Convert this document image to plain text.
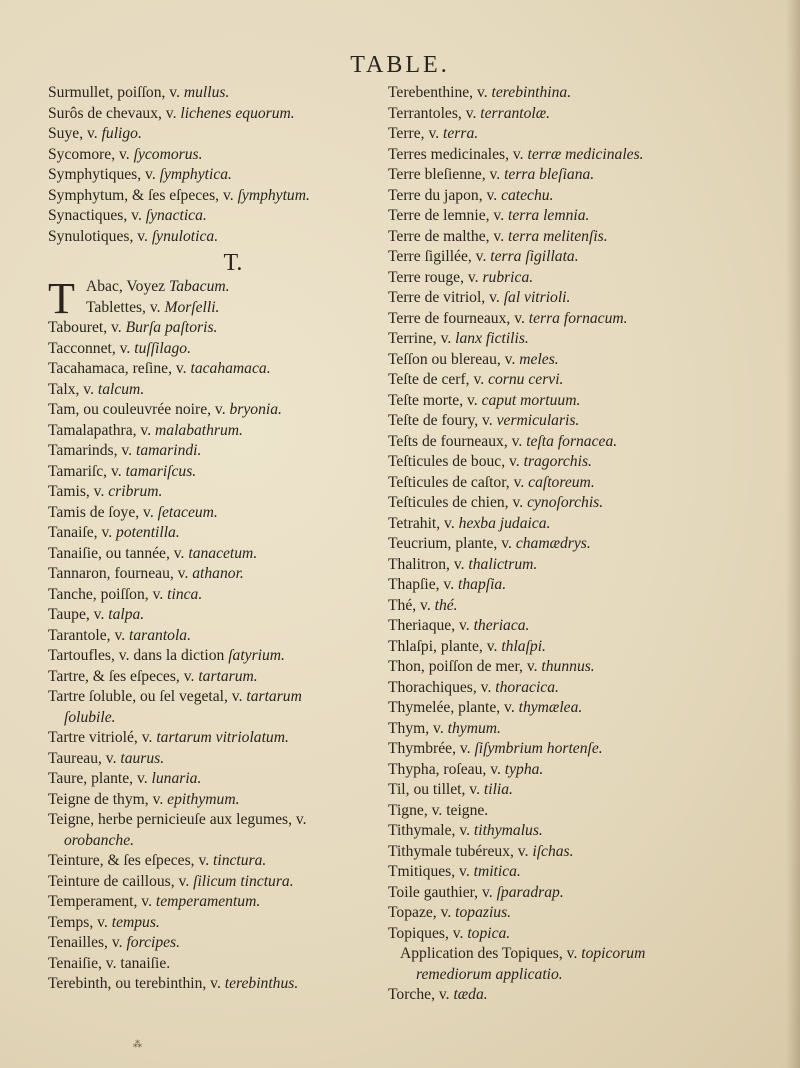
TABLE.
Surmullet, poiſſon, v. mullus.
Surôs de chevaux, v. lichenes equorum.
Suye, v. fuligo.
Sycomore, v. ſycomorus.
Symphytiques, v. ſymphytica.
Symphytum, & ſes eſpeces, v. ſymphytum.
Synactiques, v. ſynactica.
Synulotiques, v. ſynulotica.
T.
T Abac, Voyez Tabacum.
Tablettes, v. Morſelli.
Tabouret, v. Burſa paſtoris.
Tacconnet, v. tuſſilago.
Tacahamaca, reſine, v. tacahamaca.
Talx, v. talcum.
Tam, ou couleuvrée noire, v. bryonia.
Tamalapathra, v. malabathrum.
Tamarinds, v. tamarindi.
Tamariſc, v. tamariſcus.
Tamis, v. cribrum.
Tamis de ſoye, v. ſetaceum.
Tanaiſe, v. potentilla.
Tanaiſie, ou tannée, v. tanacetum.
Tannaron, fourneau, v. athanor.
Tanche, poiſſon, v. tinca.
Taupe, v. talpa.
Tarantole, v. tarantola.
Tartoufles, v. dans la diction ſatyrium.
Tartre, & ſes eſpeces, v. tartarum.
Tartre ſoluble, ou ſel vegetal, v. tartarum
ſolubile.
Tartre vitriolé, v. tartarum vitriolatum.
Taureau, v. taurus.
Taure, plante, v. lunaria.
Teigne de thym, v. epithymum.
Teigne, herbe pernicieuſe aux legumes, v.
orobanche.
Teinture, & ſes eſpeces, v. tinctura.
Teinture de caillous, v. ſilicum tinctura.
Temperament, v. temperamentum.
Temps, v. tempus.
Tenailles, v. forcipes.
Tenaiſie, v. tanaiſie.
Terebinth, ou terebinthin, v. terebinthus.
Terebenthine, v. terebinthina.
Terrantoles, v. terrantolæ.
Terre, v. terra.
Terres medicinales, v. terræ medicinales.
Terre bleſienne, v. terra bleſiana.
Terre du japon, v. catechu.
Terre de lemnie, v. terra lemnia.
Terre de malthe, v. terra melitenſis.
Terre ſigillée, v. terra ſigillata.
Terre rouge, v. rubrica.
Terre de vitriol, v. ſal vitrioli.
Terre de fourneaux, v. terra fornacum.
Terrine, v. lanx fictilis.
Teſſon ou blereau, v. meles.
Teſte de cerf, v. cornu cervi.
Teſte morte, v. caput mortuum.
Teſte de foury, v. vermicularis.
Teſts de fourneaux, v. teſta fornacea.
Teſticules de bouc, v. tragorchis.
Teſticules de caſtor, v. caſtoreum.
Teſticules de chien, v. cynoſorchis.
Tetrahit, v. hexba judaica.
Teucrium, plante, v. chamædrys.
Thalitron, v. thalictrum.
Thapſie, v. thapſia.
Thé, v. thé.
Theriaque, v. theriaca.
Thlaſpi, plante, v. thlaſpi.
Thon, poiſſon de mer, v. thunnus.
Thorachiques, v. thoracica.
Thymelée, plante, v. thymælea.
Thym, v. thymum.
Thymbrée, v. ſiſymbrium hortenſe.
Thypha, roſeau, v. typha.
Til, ou tillet, v. tilia.
Tigne, v. teigne.
Tithymale, v. tithymalus.
Tithymale tubéreux, v. iſchas.
Tmitiques, v. tmitica.
Toile gauthier, v. ſparadrap.
Topaze, v. topazius.
Topiques, v. topica.
Application des Topiques, v. topicorum
remediorum applicatio.
Torche, v. tæda.
⁂
